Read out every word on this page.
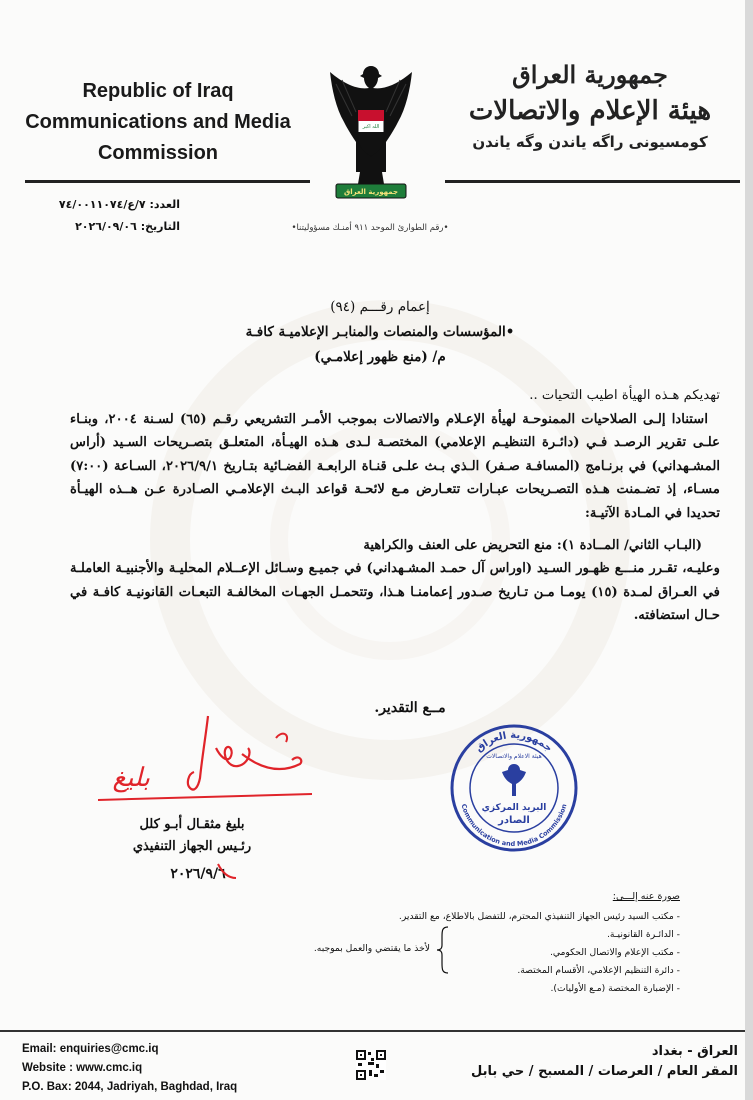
Republic of Iraq
Communications and Media
Commission
الله اكبر
جمهورية العراق
جمهورية العراق
هيئة الإعلام والاتصالات
كومسيونى راگه ياندن وگه ياندن
العدد: ٧/ع/٧٤/٠٠١١٠٧٤
التاريخ: ٢٠٢٦/٠٩/٠٦	•رقم الطوارئ الموحد ٩١١ أمنـك مسؤوليتنا•
إعمام رقـــم (٩٤)
•المؤسسات والمنصات والمنابـر الإعلاميـة كافـة
م/ (منع ظهور إعلامـي)

تهديكم هـذه الهيأة اطيب التحيات ..

استنادا إلـى الصلاحيات الممنوحـة لهيأة الإعـلام والاتصالات بموجب الأمـر التشريعي رقـم (٦٥) لسـنة ٢٠٠٤، وبنـاء علـى تقرير الرصـد فـي (دائـرة التنظيـم الإعلامي) المختصـة لـدى هـذه الهيـأة، المتعلـق بتصـريحات السـيد (أراس المشـهداني) في برنـامج (المسافـة صـفر) الـذي بـث علـى قنـاة الرابعـة الفضـائية بتـاريخ ٢٠٢٦/٩/١، السـاعة (٧:٠٠) مسـاء، إذ تضـمنت هـذه التصـريحات عبـارات تتعـارض مـع لائحـة قواعد البـث الإعلامـي الصـادرة عـن هــذه الهيـأة تحديدا في المـادة الآتيـة:

(البـاب الثاني/ المــادة ١): منع التحريض على العنف والكراهية

وعليـه، تقـرر منـــع ظهـور السـيد (اوراس آل حمـد المشـهداني) في جميـع وسـائل الإعــلام المحليـة والأجنبيـة العاملـة في العـراق لمـدة (١٥) يومـا مـن تـاريخ صـدور إعمامنـا هـذا، وتتحمـل الجهـات المخالفـة التبعـات القانونيـة كافـة في حـال استضافته.

مــع التقدير.
بليغ
بليغ مثقـال أبـو كلل
رئـيس الجهاز التنفيذي
٢٠٢٦/٩/٦
جمهورية العراق
Communication and Media Commission
هيئة الاعلام والاتصالات
البريد المركزي
الصادر
صورة عنه إلـــى:
- مكتب السيد رئيس الجهاز التنفيذي المحترم، للتفضل بالاطلاع، مع التقدير.
- الدائـرة القانونيـة.
- مكتب الإعلام والاتصال الحكومي.
- دائرة التنظيم الإعلامي، الأقسام المختصة.
- الإضبارة المختصة (مـع الأوليات).
لأخذ ما يقتضي والعمل بموجبه.
Email: enquiries@cmc.iq
Website : www.cmc.iq
P.O. Bax: 2044, Jadriyah, Baghdad, Iraq
العراق - بغداد
المقر العام / العرصات / المسبح / حي بابل
